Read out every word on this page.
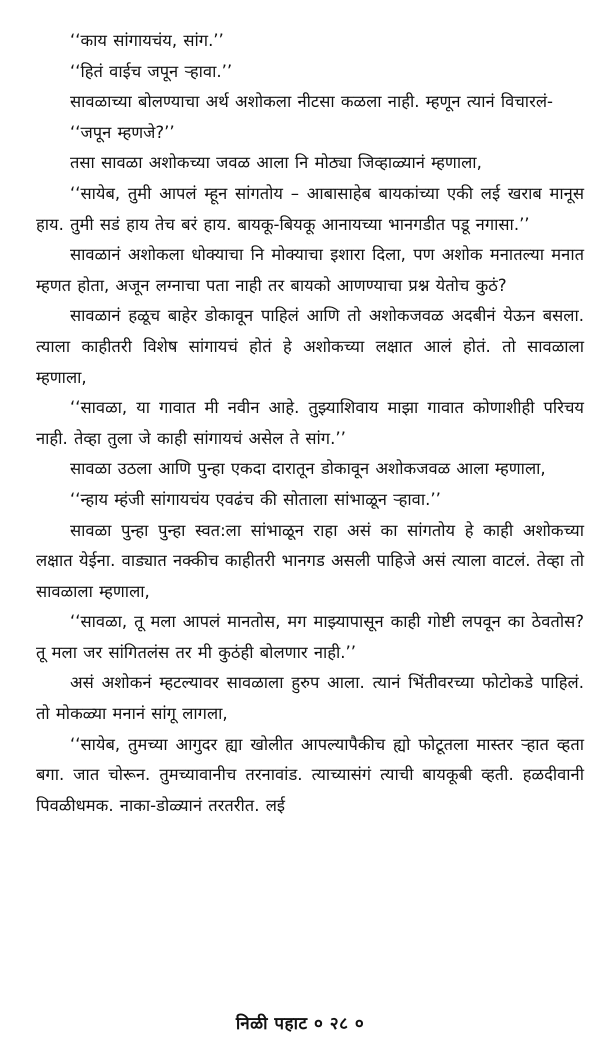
‘‘काय सांगायचंय, सांग.’’

‘‘हितं वाईच जपून ऱ्हावा.’’

सावळाच्या बोलण्याचा अर्थ अशोकला नीटसा कळला नाही. म्हणून त्यानं विचारलं-

‘‘जपून म्हणजे?’’

तसा सावळा अशोकच्या जवळ आला नि मोठ्या जिव्हाळ्यानं म्हणाला,

‘‘सायेब, तुमी आपलं म्हून सांगतोय – आबासाहेब बायकांच्या एकी लई खराब मानूस हाय. तुमी सडं हाय तेच बरं हाय. बायकू-बियकू आनायच्या भानगडीत पडू नगासा.’’

सावळानं अशोकला धोक्याचा नि मोक्याचा इशारा दिला, पण अशोक मनातल्या मनात म्हणत होता, अजून लग्नाचा पता नाही तर बायको आणण्याचा प्रश्न येतोच कुठं?

सावळानं हळूच बाहेर डोकावून पाहिलं आणि तो अशोकजवळ अदबीनं येऊन बसला. त्याला काहीतरी विशेष सांगायचं होतं हे अशोकच्या लक्षात आलं होतं. तो सावळाला म्हणाला,

‘‘सावळा, या गावात मी नवीन आहे. तुझ्याशिवाय माझा गावात कोणाशीही परिचय नाही. तेव्हा तुला जे काही सांगायचं असेल ते सांग.’’

सावळा उठला आणि पुन्हा एकदा दारातून डोकावून अशोकजवळ आला म्हणाला,

‘‘न्हाय म्हंजी सांगायचंय एवढंच की सोताला सांभाळून ऱ्हावा.’’

सावळा पुन्हा पुन्हा स्वत:ला सांभाळून राहा असं का सांगतोय हे काही अशोकच्या लक्षात येईना. वाड्यात नक्कीच काहीतरी भानगड असली पाहिजे असं त्याला वाटलं. तेव्हा तो सावळाला म्हणाला,

‘‘सावळा, तू मला आपलं मानतोस, मग माझ्यापासून काही गोष्टी लपवून का ठेवतोस? तू मला जर सांगितलंस तर मी कुठंही बोलणार नाही.’’

असं अशोकनं म्हटल्यावर सावळाला हुरुप आला. त्यानं भिंतीवरच्या फोटोकडे पाहिलं. तो मोकळ्या मनानं सांगू लागला,

‘‘सायेब, तुमच्या आगुदर ह्या खोलीत आपल्यापैकीच ह्यो फोटूतला मास्तर ऱ्हात व्हता बगा. जात चोरून. तुमच्यावानीच तरनावांड. त्याच्यासंगं त्याची बायकूबी व्हती. हळदीवानी पिवळीधमक. नाका-डोळ्यानं तरतरीत. लई

निळी पहाट ० २८ ०
